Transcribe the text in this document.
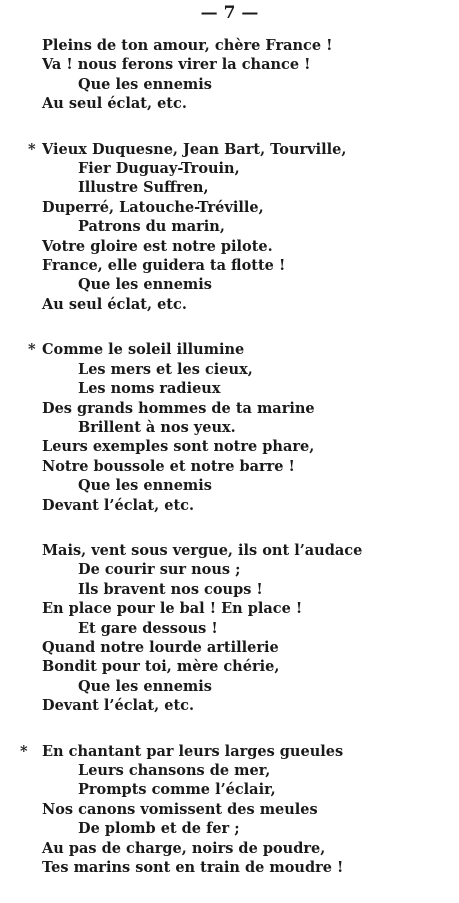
— 7 —
Pleins de ton amour, chère France !
Va ! nous ferons virer la chance !
Que les ennemis
Au seul éclat, etc.
* Vieux Duquesne, Jean Bart, Tourville,
Fier Duguay-Trouin,
Illustre Suffren,
Duperré, Latouche-Tréville,
Patrons du marin,
Votre gloire est notre pilote.
France, elle guidera ta flotte !
Que les ennemis
Au seul éclat, etc.
* Comme le soleil illumine
Les mers et les cieux,
Les noms radieux
Des grands hommes de ta marine
Brillent à nos yeux.
Leurs exemples sont notre phare,
Notre boussole et notre barre !
Que les ennemis
Devant l’éclat, etc.
Mais, vent sous vergue, ils ont l’audace
De courir sur nous ;
Ils bravent nos coups !
En place pour le bal ! En place !
Et gare dessous !
Quand notre lourde artillerie
Bondit pour toi, mère chérie,
Que les ennemis
Devant l’éclat, etc.
* En chantant par leurs larges gueules
Leurs chansons de mer,
Prompts comme l’éclair,
Nos canons vomissent des meules
De plomb et de fer ;
Au pas de charge, noirs de poudre,
Tes marins sont en train de moudre !
